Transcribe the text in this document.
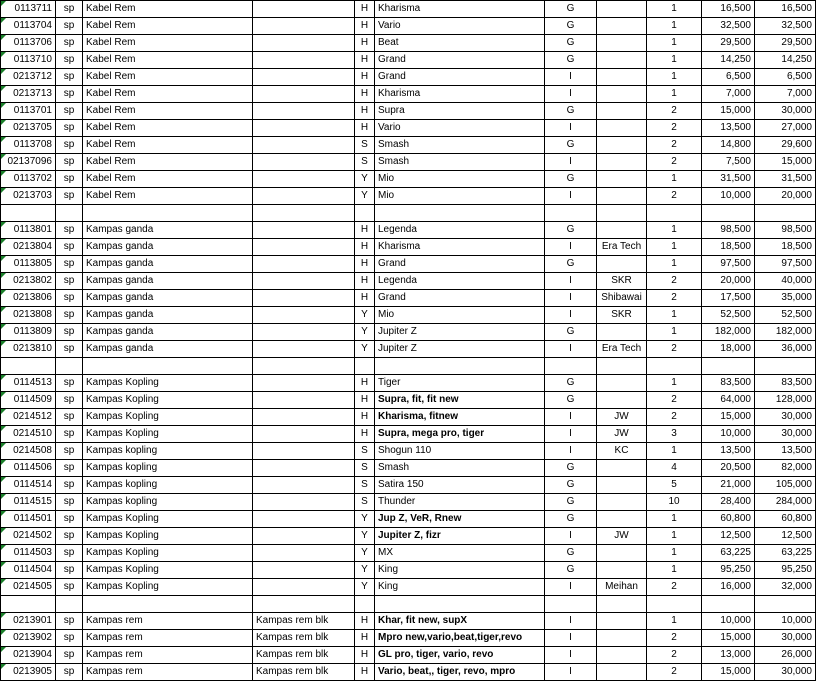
0113711	sp	Kabel Rem		H	Kharisma	G		1	16,500	16,500
0113704	sp	Kabel Rem		H	Vario	G		1	32,500	32,500
0113706	sp	Kabel Rem		H	Beat	G		1	29,500	29,500
0113710	sp	Kabel Rem		H	Grand	G		1	14,250	14,250
0213712	sp	Kabel Rem		H	Grand	I		1	6,500	6,500
0213713	sp	Kabel Rem		H	Kharisma	I		1	7,000	7,000
0113701	sp	Kabel Rem		H	Supra	G		2	15,000	30,000
0213705	sp	Kabel Rem		H	Vario	I		2	13,500	27,000
0113708	sp	Kabel Rem		S	Smash	G		2	14,800	29,600
02137096	sp	Kabel Rem		S	Smash	I		2	7,500	15,000
0113702	sp	Kabel Rem		Y	Mio	G		1	31,500	31,500
0213703	sp	Kabel Rem		Y	Mio	I		2	10,000	20,000

0113801	sp	Kampas ganda		H	Legenda	G		1	98,500	98,500
0213804	sp	Kampas ganda		H	Kharisma	I	Era Tech	1	18,500	18,500
0113805	sp	Kampas ganda		H	Grand	G		1	97,500	97,500
0213802	sp	Kampas ganda		H	Legenda	I	SKR	2	20,000	40,000
0213806	sp	Kampas ganda		H	Grand	I	Shibawai	2	17,500	35,000
0213808	sp	Kampas ganda		Y	Mio	I	SKR	1	52,500	52,500
0113809	sp	Kampas ganda		Y	Jupiter Z	G		1	182,000	182,000
0213810	sp	Kampas ganda		Y	Jupiter Z	I	Era Tech	2	18,000	36,000

0114513	sp	Kampas Kopling		H	Tiger	G		1	83,500	83,500
0114509	sp	Kampas Kopling		H	Supra, fit, fit new	G		2	64,000	128,000
0214512	sp	Kampas Kopling		H	Kharisma, fitnew	I	JW	2	15,000	30,000
0214510	sp	Kampas Kopling		H	Supra, mega pro, tiger	I	JW	3	10,000	30,000
0214508	sp	Kampas kopling		S	Shogun 110	I	KC	1	13,500	13,500
0114506	sp	Kampas kopling		S	Smash	G		4	20,500	82,000
0114514	sp	Kampas kopling		S	Satira 150	G		5	21,000	105,000
0114515	sp	Kampas kopling		S	Thunder	G		10	28,400	284,000
0114501	sp	Kampas Kopling		Y	Jup Z, VeR, Rnew	G		1	60,800	60,800
0214502	sp	Kampas Kopling		Y	Jupiter Z, fizr	I	JW	1	12,500	12,500
0114503	sp	Kampas Kopling		Y	MX	G		1	63,225	63,225
0114504	sp	Kampas Kopling		Y	King	G		1	95,250	95,250
0214505	sp	Kampas Kopling		Y	King	I	Meihan	2	16,000	32,000

0213901	sp	Kampas rem	Kampas rem blk	H	Khar, fit new, supX	I		1	10,000	10,000
0213902	sp	Kampas rem	Kampas rem blk	H	Mpro new,vario,beat,tiger,revo	I		2	15,000	30,000
0213904	sp	Kampas rem	Kampas rem blk	H	GL pro, tiger, vario, revo	I		2	13,000	26,000
0213905	sp	Kampas rem	Kampas rem blk	H	Vario, beat,, tiger, revo, mpro	I		2	15,000	30,000
